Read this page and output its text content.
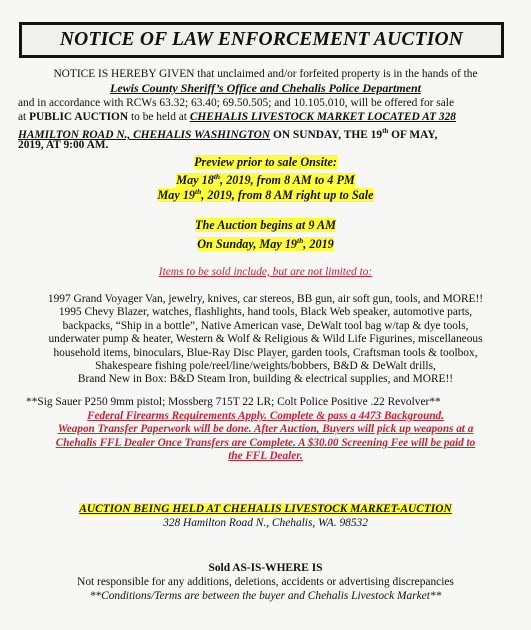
NOTICE OF LAW ENFORCEMENT AUCTION
NOTICE IS HEREBY GIVEN that unclaimed and/or forfeited property is in the hands of the
Lewis County Sheriff’s Office and Chehalis Police Department
and in accordance with RCWs 63.32; 63.40; 69.50.505; and 10.105.010, will be offered for sale
at PUBLIC AUCTION to be held at CHEHALIS LIVESTOCK MARKET LOCATED AT 328
HAMILTON ROAD N., CHEHALIS WASHINGTON ON SUNDAY, THE 19th OF MAY,
2019, AT 9:00 AM.
Preview prior to sale Onsite:
May 18th, 2019, from 8 AM to 4 PM
May 19th, 2019, from 8 AM right up to Sale
The Auction begins at 9 AM
On Sunday, May 19th, 2019
Items to be sold include, but are not limited to:
1997 Grand Voyager Van, jewelry, knives, car stereos, BB gun, air soft gun, tools, and MORE!!
1995 Chevy Blazer, watches, flashlights, hand tools, Black Web speaker, automotive parts,
backpacks, “Ship in a bottle”, Native American vase, DeWalt tool bag w/tap & dye tools,
underwater pump & heater, Western & Wolf & Religious & Wild Life Figurines, miscellaneous
household items, binoculars, Blue-Ray Disc Player, garden tools, Craftsman tools & toolbox,
Shakespeare fishing pole/reel/line/weights/bobbers, B&D & DeWalt drills,
Brand New in Box: B&D Steam Iron, building & electrical supplies, and MORE!!
**Sig Sauer P250 9mm pistol; Mossberg 715T 22 LR; Colt Police Positive .22 Revolver**
Federal Firearms Requirements Apply. Complete & pass a 4473 Background.
Weapon Transfer Paperwork will be done. After Auction, Buyers will pick up weapons at a
Chehalis FFL Dealer Once Transfers are Complete. A $30.00 Screening Fee will be paid to
the FFL Dealer.
AUCTION BEING HELD AT CHEHALIS LIVESTOCK MARKET-AUCTION
328 Hamilton Road N., Chehalis, WA. 98532
Sold AS-IS-WHERE IS
Not responsible for any additions, deletions, accidents or advertising discrepancies
**Conditions/Terms are between the buyer and Chehalis Livestock Market**
